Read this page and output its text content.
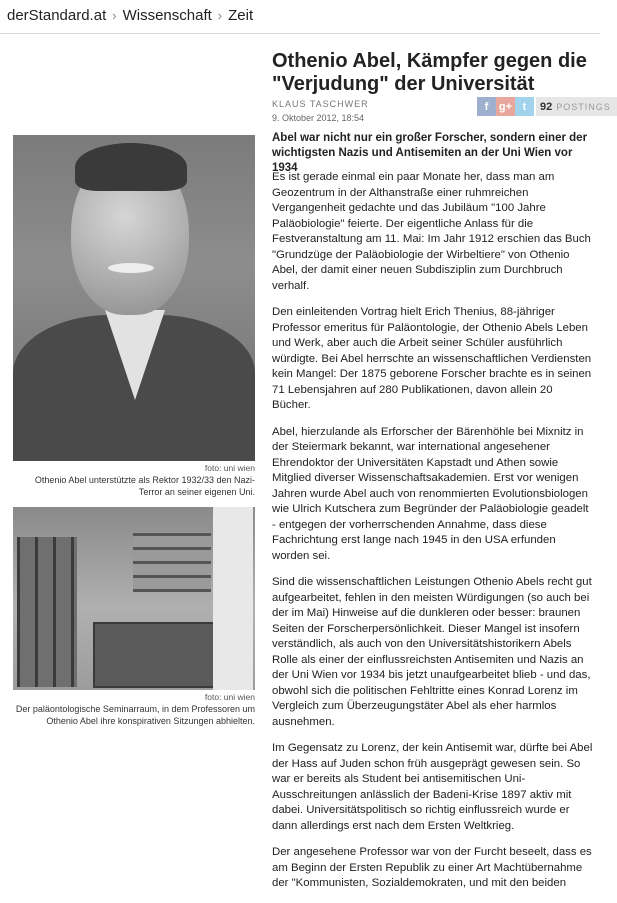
derStandard.at › Wissenschaft › Zeit
Othenio Abel, Kämpfer gegen die "Verjudung" der Universität
KLAUS TASCHWER
9. Oktober 2012, 18:54
f g+ t	92 POSTINGS

Abel war nicht nur ein großer Forscher, sondern einer der wichtigsten Nazis und Antisemiten an der Uni Wien vor 1934

Es ist gerade einmal ein paar Monate her, dass man am Geozentrum in der Althanstraße einer ruhmreichen Vergangenheit gedachte und das Jubiläum "100 Jahre Paläobiologie" feierte. Der eigentliche Anlass für die Festveranstaltung am 11. Mai: Im Jahr 1912 erschien das Buch "Grundzüge der Paläobiologie der Wirbeltiere" von Othenio Abel, der damit einer neuen Subdisziplin zum Durchbruch verhalf.

Den einleitenden Vortrag hielt Erich Thenius, 88-jähriger Professor emeritus für Paläontologie, der Othenio Abels Leben und Werk, aber auch die Arbeit seiner Schüler ausführlich würdigte. Bei Abel herrschte an wissenschaftlichen Verdiensten kein Mangel: Der 1875 geborene Forscher brachte es in seinen 71 Lebensjahren auf 280 Publikationen, davon allein 20 Bücher.

Abel, hierzulande als Erforscher der Bärenhöhle bei Mixnitz in der Steiermark bekannt, war international angesehener Ehrendoktor der Universitäten Kapstadt und Athen sowie Mitglied diverser Wissenschaftsakademien. Erst vor wenigen Jahren wurde Abel auch von renommierten Evolutionsbiologen wie Ulrich Kutschera zum Begründer der Paläobiologie geadelt - entgegen der vorherrschenden Annahme, dass diese Fachrichtung erst lange nach 1945 in den USA erfunden worden sei.

Sind die wissenschaftlichen Leistungen Othenio Abels recht gut aufgearbeitet, fehlen in den meisten Würdigungen (so auch bei der im Mai) Hinweise auf die dunkleren oder besser: braunen Seiten der Forscherpersönlichkeit. Dieser Mangel ist insofern verständlich, als auch von den Universitätshistorikern Abels Rolle als einer der einflussreichsten Antisemiten und Nazis an der Uni Wien vor 1934 bis jetzt unaufgearbeitet blieb - und das, obwohl sich die politischen Fehltritte eines Konrad Lorenz im Vergleich zum Überzeugungstäter Abel als eher harmlos ausnehmen.

Im Gegensatz zu Lorenz, der kein Antisemit war, dürfte bei Abel der Hass auf Juden schon früh ausgeprägt gewesen sein. So war er bereits als Student bei antisemitischen Uni-Ausschreitungen anlässlich der Badeni-Krise 1897 aktiv mit dabei. Universitätspolitisch so richtig einflussreich wurde er dann allerdings erst nach dem Ersten Weltkrieg.

Der angesehene Professor war von der Furcht beseelt, dass es am Beginn der Ersten Republik zu einer Art Machtübernahme der "Kommunisten, Sozialdemokraten, und mit den beiden

foto: uni wien
Othenio Abel unterstützte als Rektor 1932/33 den Nazi-Terror an seiner eigenen Uni.
foto: uni wien
Der paläontologische Seminarraum, in dem Professoren um Othenio Abel ihre konspirativen Sitzungen abhielten.
